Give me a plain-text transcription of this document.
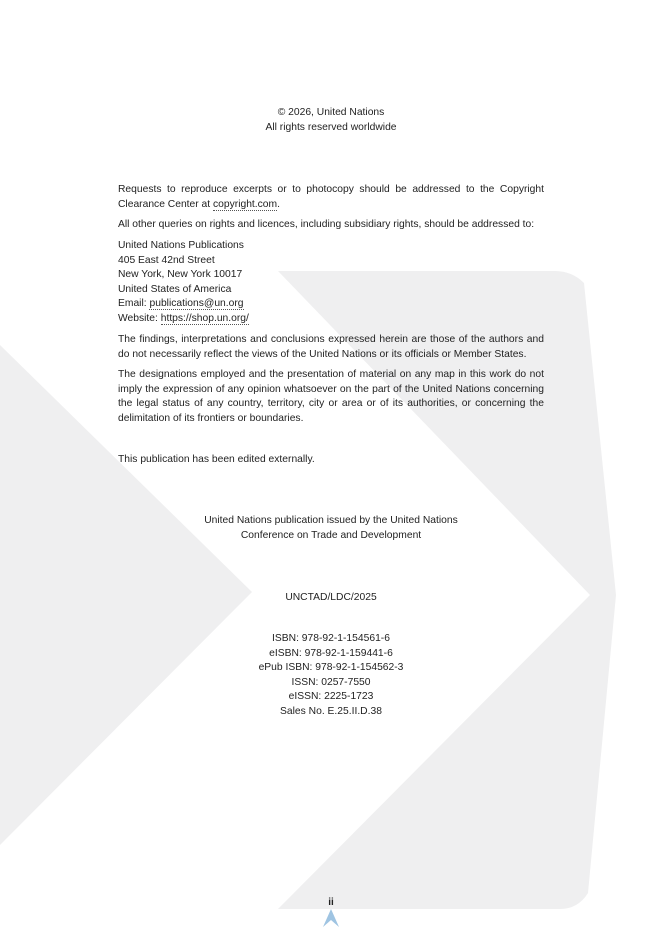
© 2026, United Nations
All rights reserved worldwide

Requests to reproduce excerpts or to photocopy should be addressed to the Copyright Clearance Center at copyright.com.

All other queries on rights and licences, including subsidiary rights, should be addressed to:

United Nations Publications
405 East 42nd Street
New York, New York 10017
United States of America
Email: publications@un.org
Website: https://shop.un.org/

The findings, interpretations and conclusions expressed herein are those of the authors and do not necessarily reflect the views of the United Nations or its officials or Member States.

The designations employed and the presentation of material on any map in this work do not imply the expression of any opinion whatsoever on the part of the United Nations concerning the legal status of any country, territory, city or area or of its authorities, or concerning the delimitation of its frontiers or boundaries.

This publication has been edited externally.

United Nations publication issued by the United Nations
Conference on Trade and Development
UNCTAD/LDC/2025
ISBN: 978-92-1-154561-6
eISBN: 978-92-1-159441-6
ePub ISBN: 978-92-1-154562-3
ISSN: 0257-7550
eISSN: 2225-1723
Sales No. E.25.II.D.38
ii
